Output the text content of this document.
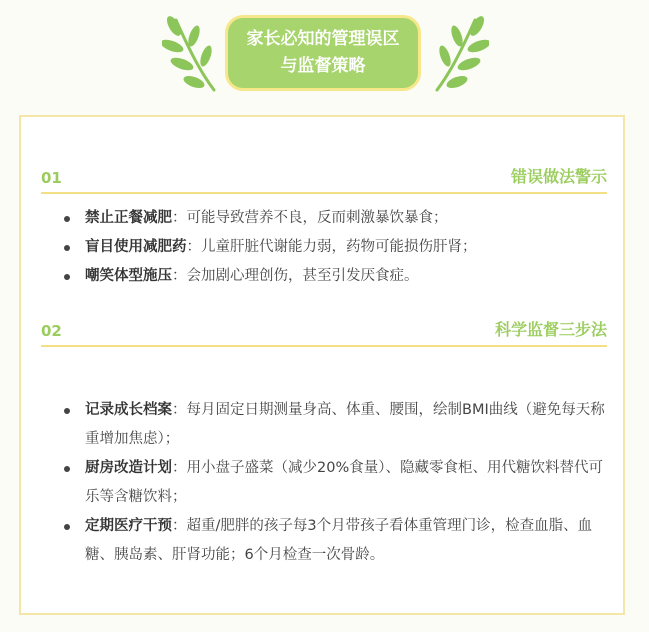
家长必知的管理误区
与监督策略
01	错误做法警示
禁止正餐减肥：可能导致营养不良，反而刺激暴饮暴食；
盲目使用减肥药：儿童肝脏代谢能力弱，药物可能损伤肝肾；
嘲笑体型施压：会加剧心理创伤，甚至引发厌食症。
02	科学监督三步法
记录成长档案：每月固定日期测量身高、体重、腰围，绘制BMI曲线（避免每天称重增加焦虑）；
厨房改造计划：用小盘子盛菜（减少20%食量）、隐藏零食柜、用代糖饮料替代可乐等含糖饮料；
定期医疗干预：超重/肥胖的孩子每3个月带孩子看体重管理门诊，检查血脂、血糖、胰岛素、肝肾功能；6个月检查一次骨龄。
